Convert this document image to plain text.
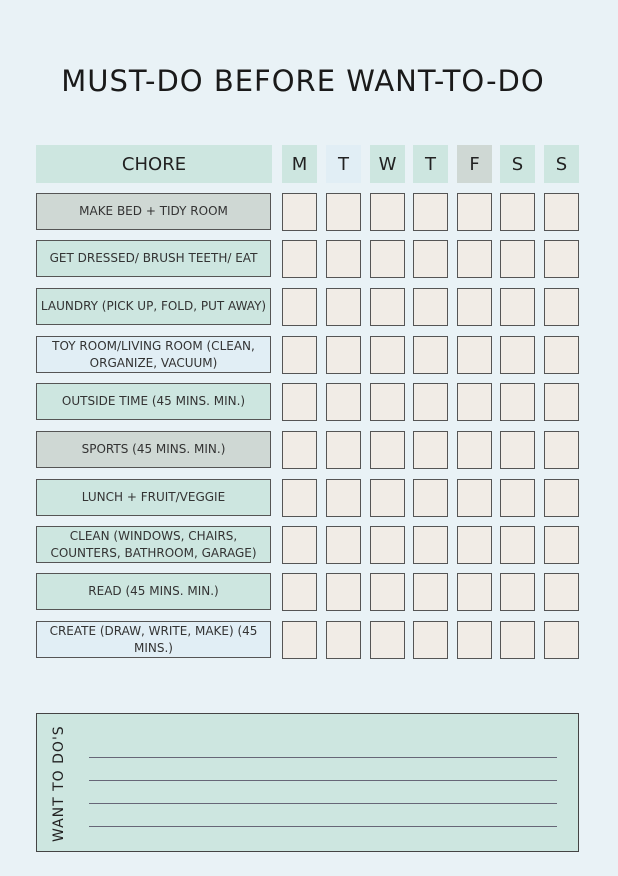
MUST-DO BEFORE WANT-TO-DO
CHORE	M	T	W	T	F	S	S
MAKE BED + TIDY ROOM
GET DRESSED/ BRUSH TEETH/ EAT
LAUNDRY (PICK UP, FOLD, PUT AWAY)
TOY ROOM/LIVING ROOM (CLEAN, ORGANIZE, VACUUM)
OUTSIDE TIME (45 MINS. MIN.)
SPORTS (45 MINS. MIN.)
LUNCH + FRUIT/VEGGIE
CLEAN (WINDOWS, CHAIRS, COUNTERS, BATHROOM, GARAGE)
READ (45 MINS. MIN.)
CREATE (DRAW, WRITE, MAKE) (45 MINS.)
WANT TO DO'S
